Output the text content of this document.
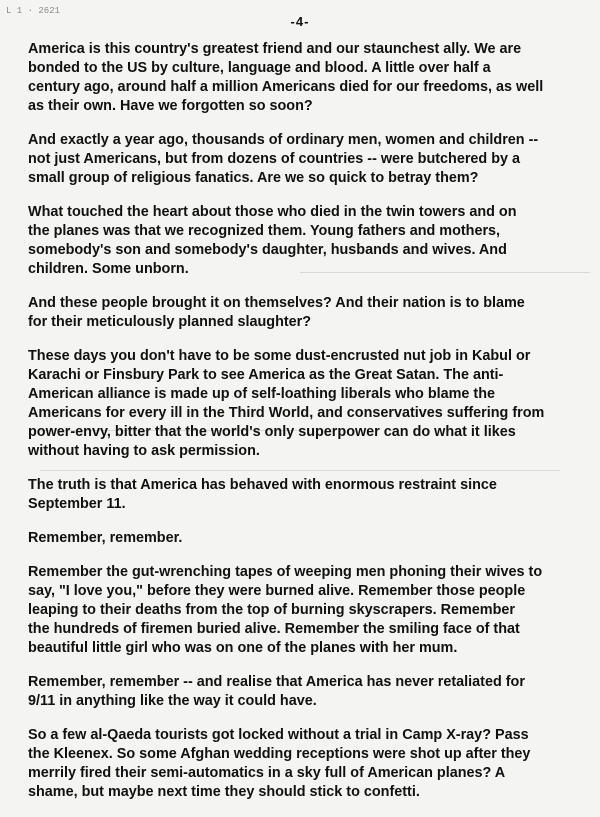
L 1 · 2621
-4-

America is this country's greatest friend and our staunchest ally. We are
bonded to the US by culture, language and blood. A little over half a
century ago, around half a million Americans died for our freedoms, as well
as their own. Have we forgotten so soon?

And exactly a year ago, thousands of ordinary men, women and children --
not just Americans, but from dozens of countries -- were butchered by a
small group of religious fanatics. Are we so quick to betray them?

What touched the heart about those who died in the twin towers and on
the planes was that we recognized them. Young fathers and mothers,
somebody's son and somebody's daughter, husbands and wives. And
children. Some unborn.

And these people brought it on themselves? And their nation is to blame
for their meticulously planned slaughter?

These days you don't have to be some dust-encrusted nut job in Kabul or
Karachi or Finsbury Park to see America as the Great Satan. The anti-
American alliance is made up of self-loathing liberals who blame the
Americans for every ill in the Third World, and conservatives suffering from
power-envy, bitter that the world's only superpower can do what it likes
without having to ask permission.

The truth is that America has behaved with enormous restraint since
September 11.

Remember, remember.

Remember the gut-wrenching tapes of weeping men phoning their wives to
say, "I love you," before they were burned alive. Remember those people
leaping to their deaths from the top of burning skyscrapers. Remember
the hundreds of firemen buried alive. Remember the smiling face of that
beautiful little girl who was on one of the planes with her mum.

Remember, remember -- and realise that America has never retaliated for
9/11 in anything like the way it could have.

So a few al-Qaeda tourists got locked without a trial in Camp X-ray? Pass
the Kleenex. So some Afghan wedding receptions were shot up after they
merrily fired their semi-automatics in a sky full of American planes? A
shame, but maybe next time they should stick to confetti.
